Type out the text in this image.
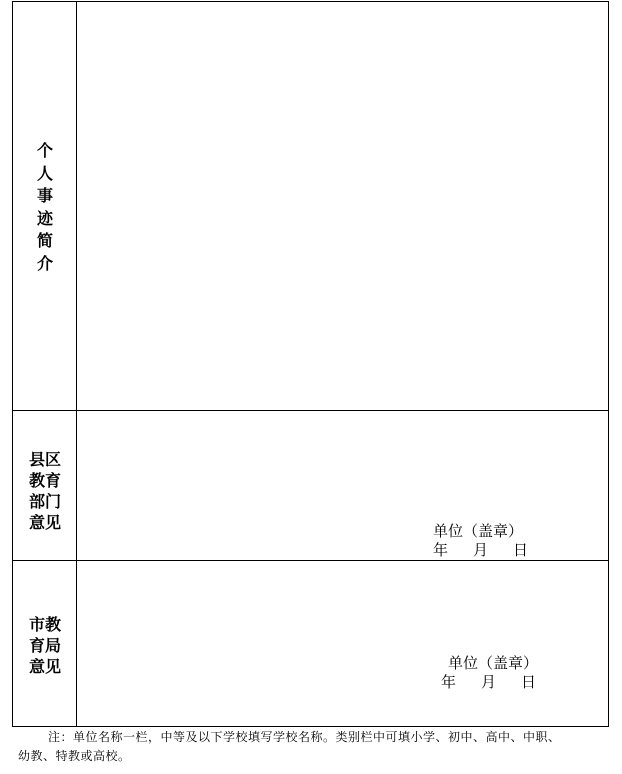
个人事迹简介
县区教育部门意见	单位（盖章）
年 月 日
市教育局意见	单位（盖章）
年 月 日
注：单位名称一栏，中等及以下学校填写学校名称。类别栏中可填小学、初中、高中、中职、
幼教、特教或高校。
